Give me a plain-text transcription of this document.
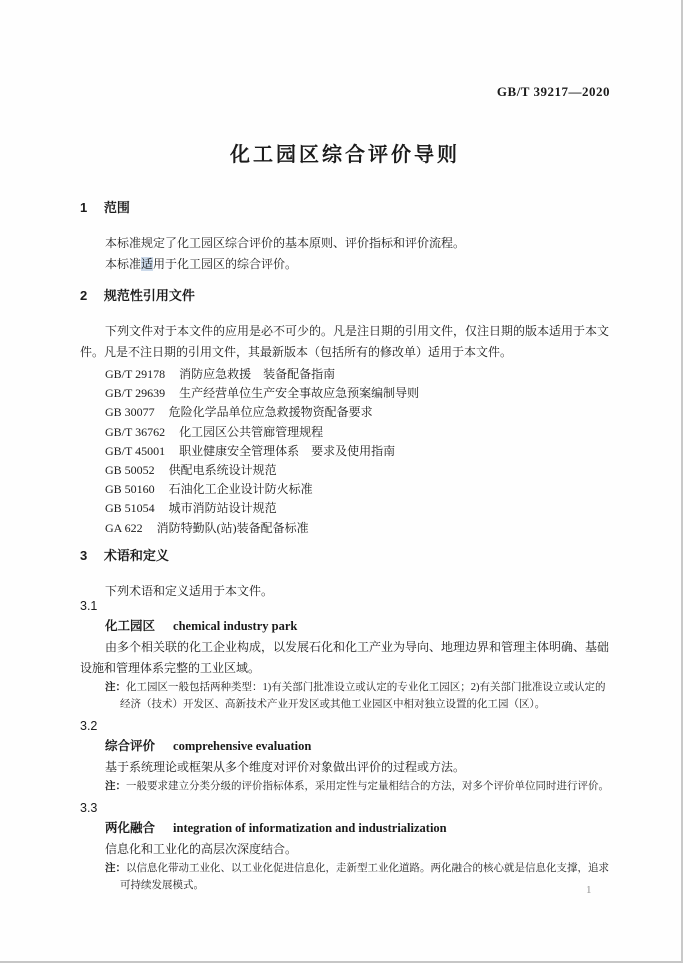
GB/T 39217—2020
化工园区综合评价导则
1 范围

本标准规定了化工园区综合评价的基本原则、评价指标和评价流程。

本标准适用于化工园区的综合评价。

2 规范性引用文件

下列文件对于本文件的应用是必不可少的。凡是注日期的引用文件，仅注日期的版本适用于本文件。凡是不注日期的引用文件，其最新版本（包括所有的修改单）适用于本文件。

GB/T 29178 消防应急救援　装备配备指南
GB/T 29639 生产经营单位生产安全事故应急预案编制导则
GB 30077 危险化学品单位应急救援物资配备要求
GB/T 36762 化工园区公共管廊管理规程
GB/T 45001 职业健康安全管理体系　要求及使用指南
GB 50052 供配电系统设计规范
GB 50160 石油化工企业设计防火标准
GB 51054 城市消防站设计规范
GA 622 消防特勤队(站)装备配备标准
3 术语和定义

下列术语和定义适用于本文件。

3.1
化工园区 chemical industry park

由多个相关联的化工企业构成，以发展石化和化工产业为导向、地理边界和管理主体明确、基础设施和管理体系完整的工业区域。

注：化工园区一般包括两种类型：1)有关部门批准设立或认定的专业化工园区；2)有关部门批准设立或认定的经济（技术）开发区、高新技术产业开发区或其他工业园区中相对独立设置的化工园（区）。

3.2
综合评价 comprehensive evaluation

基于系统理论或框架从多个维度对评价对象做出评价的过程或方法。

注：一般要求建立分类分级的评价指标体系，采用定性与定量相结合的方法，对多个评价单位同时进行评价。

3.3
两化融合 integration of informatization and industrialization

信息化和工业化的高层次深度结合。

注：以信息化带动工业化、以工业化促进信息化，走新型工业化道路。两化融合的核心就是信息化支撑，追求可持续发展模式。	1
